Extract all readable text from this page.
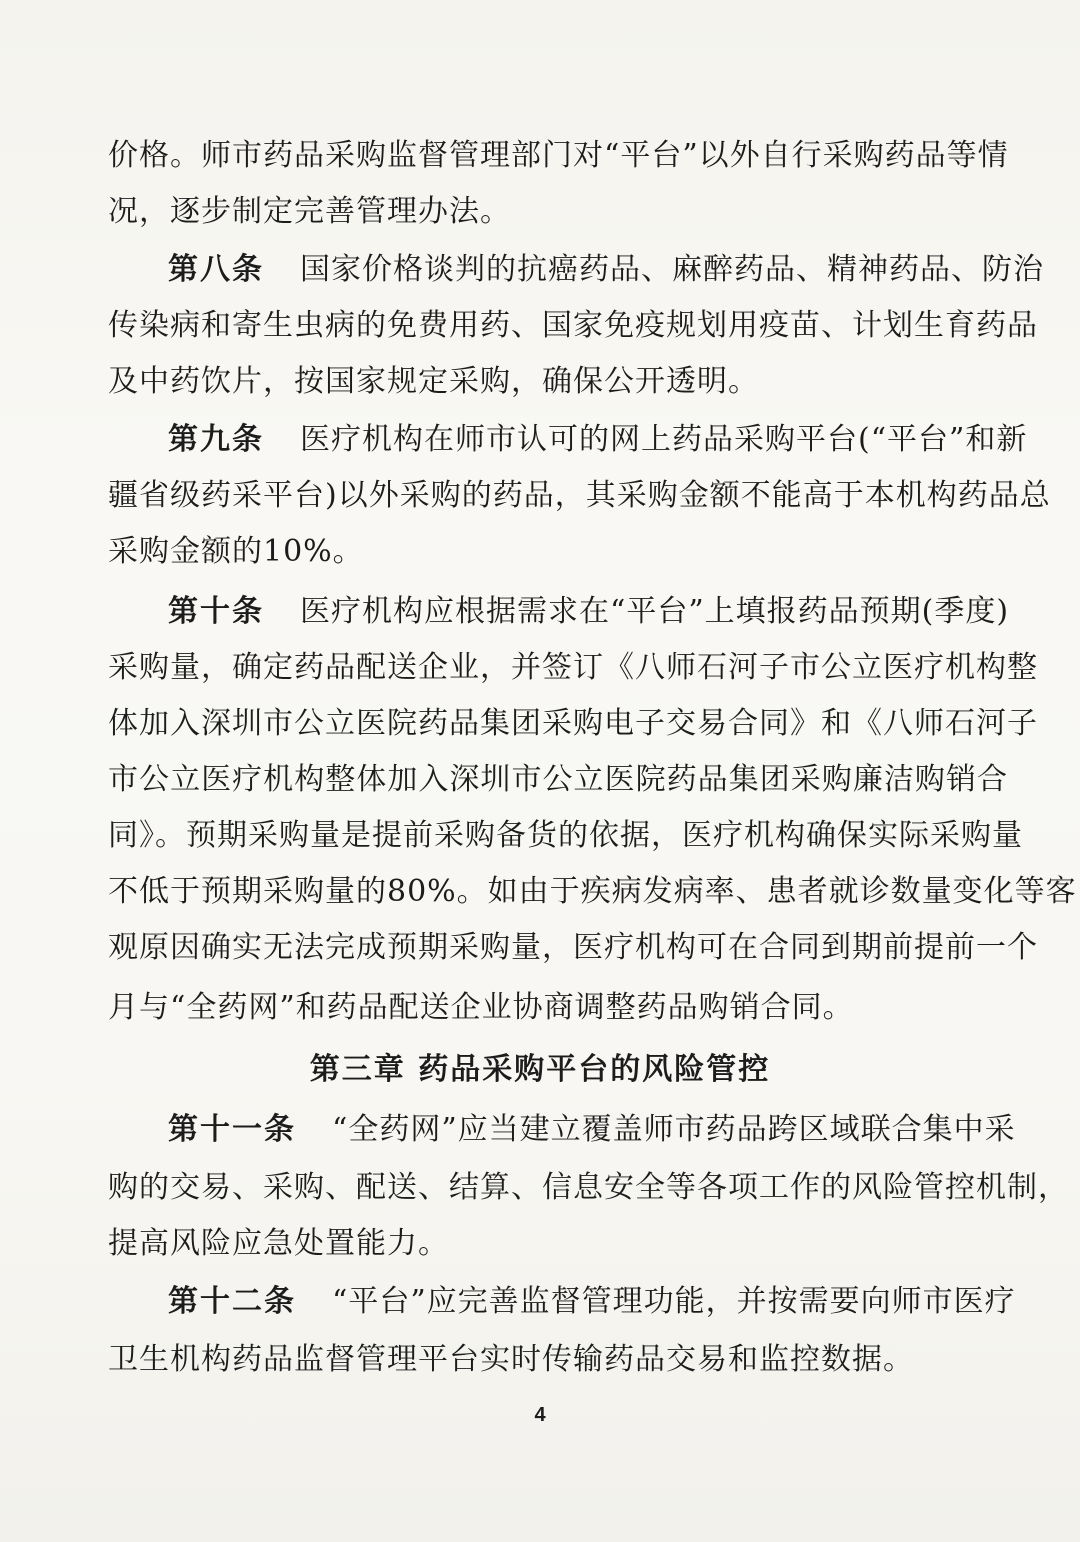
价格。师市药品采购监督管理部门对“平台”以外自行采购药品等情
况，逐步制定完善管理办法。
第八条 国家价格谈判的抗癌药品、麻醉药品、精神药品、防治
传染病和寄生虫病的免费用药、国家免疫规划用疫苗、计划生育药品
及中药饮片，按国家规定采购，确保公开透明。
第九条 医疗机构在师市认可的网上药品采购平台(“平台”和新
疆省级药采平台)以外采购的药品，其采购金额不能高于本机构药品总
采购金额的10%。
第十条 医疗机构应根据需求在“平台”上填报药品预期(季度)
采购量，确定药品配送企业，并签订《八师石河子市公立医疗机构整
体加入深圳市公立医院药品集团采购电子交易合同》和《八师石河子
市公立医疗机构整体加入深圳市公立医院药品集团采购廉洁购销合
同》。预期采购量是提前采购备货的依据，医疗机构确保实际采购量
不低于预期采购量的80%。如由于疾病发病率、患者就诊数量变化等客
观原因确实无法完成预期采购量，医疗机构可在合同到期前提前一个
月与“全药网”和药品配送企业协商调整药品购销合同。
第三章 药品采购平台的风险管控
第十一条 “全药网”应当建立覆盖师市药品跨区域联合集中采
购的交易、采购、配送、结算、信息安全等各项工作的风险管控机制，
提高风险应急处置能力。
第十二条 “平台”应完善监督管理功能，并按需要向师市医疗
卫生机构药品监督管理平台实时传输药品交易和监控数据。
4
